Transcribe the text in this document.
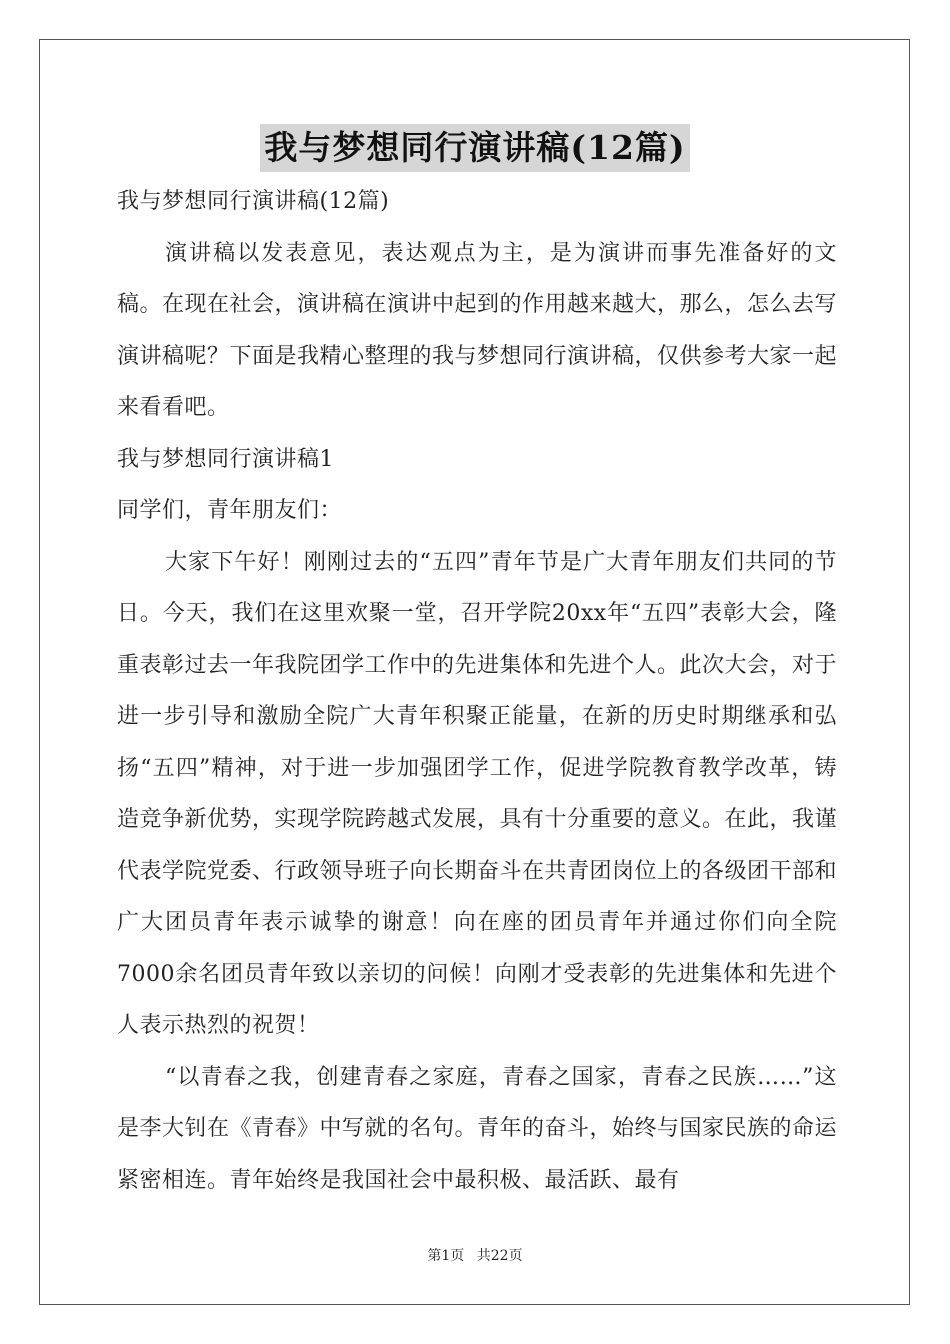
我与梦想同行演讲稿(12篇)

我与梦想同行演讲稿(12篇)

演讲稿以发表意见，表达观点为主，是为演讲而事先准备好的文稿。在现在社会，演讲稿在演讲中起到的作用越来越大，那么，怎么去写演讲稿呢？下面是我精心整理的我与梦想同行演讲稿，仅供参考大家一起来看看吧。

我与梦想同行演讲稿1

同学们，青年朋友们：

大家下午好！刚刚过去的“五四”青年节是广大青年朋友们共同的节日。今天，我们在这里欢聚一堂，召开学院20xx年“五四”表彰大会，隆重表彰过去一年我院团学工作中的先进集体和先进个人。此次大会，对于进一步引导和激励全院广大青年积聚正能量，在新的历史时期继承和弘扬“五四”精神，对于进一步加强团学工作，促进学院教育教学改革，铸造竞争新优势，实现学院跨越式发展，具有十分重要的意义。在此，我谨代表学院党委、行政领导班子向长期奋斗在共青团岗位上的各级团干部和广大团员青年表示诚挚的谢意！向在座的团员青年并通过你们向全院7000余名团员青年致以亲切的问候！向刚才受表彰的先进集体和先进个人表示热烈的祝贺！

“以青春之我，创建青春之家庭，青春之国家，青春之民族……”这是李大钊在《青春》中写就的名句。青年的奋斗，始终与国家民族的命运紧密相连。青年始终是我国社会中最积极、最活跃、最有

第1页 共22页
